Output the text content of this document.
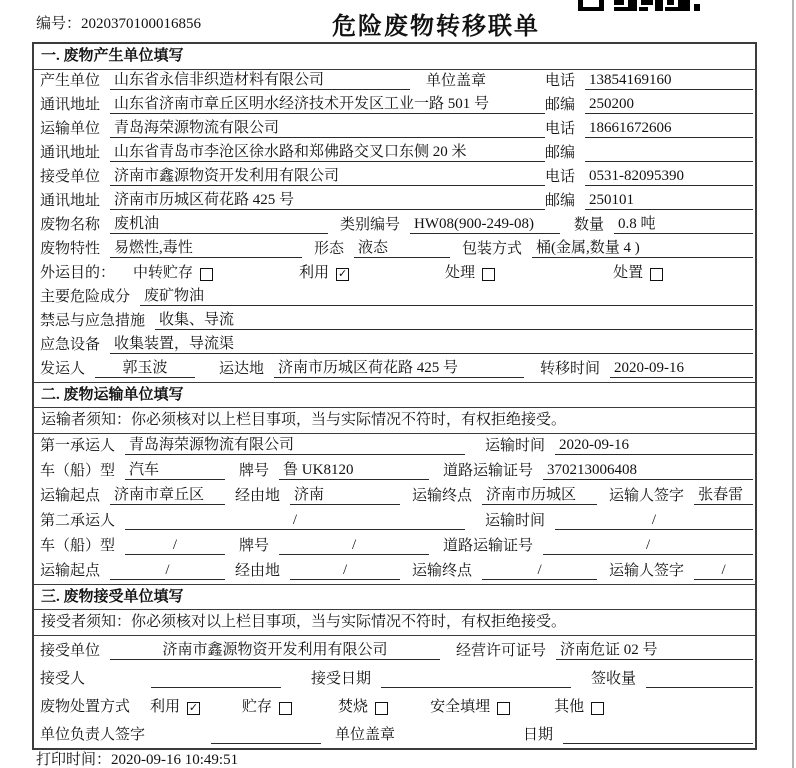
编号：2020370100016856	危险废物转移联单
一. 废物产生单位填写
产生单位 山东省永信非织造材料有限公司	单位盖章	电话 13854169160
通讯地址 山东省济南市章丘区明水经济技术开发区工业一路 501 号	邮编 250200
运输单位 青岛海荣源物流有限公司	电话 18661672606
通讯地址 山东省青岛市李沧区徐水路和郑佛路交叉口东侧 20 米	邮编
接受单位 济南市鑫源物资开发利用有限公司	电话 0531-82095390
通讯地址 济南市历城区荷花路 425 号	邮编 250101
废物名称 废机油	类别编号 HW08(900-249-08)	数量 0.8 吨
废物特性 易燃性,毒性	形态 液态	包装方式 桶(金属,数量 4 )
外运目的： 中转贮存	利用 ✓	处理	处置
主要危险成分 废矿物油
禁忌与应急措施 收集、导流
应急设备 收集装置，导流渠
发运人	郭玉波	运达地 济南市历城区荷花路 425 号	转移时间 2020-09-16
二. 废物运输单位填写
运输者须知：你必须核对以上栏目事项，当与实际情况不符时，有权拒绝接受。
第一承运人 青岛海荣源物流有限公司	运输时间 2020-09-16
车（船）型 汽车	牌号 鲁 UK8120	道路运输证号 370213006408
运输起点 济南市章丘区	经由地 济南	运输终点 济南市历城区	运输人签字 张春雷
第二承运人	/	运输时间	/
车（船）型	/	牌号	/	道路运输证号	/
运输起点	/	经由地	/	运输终点	/	运输人签字	/
三. 废物接受单位填写
接受者须知：你必须核对以上栏目事项，当与实际情况不符时，有权拒绝接受。
接受单位	济南市鑫源物资开发利用有限公司	经营许可证号 济南危证 02 号
接受人	接受日期	签收量
废物处置方式 利用 ✓	贮存	焚烧	安全填埋	其他
单位负责人签字	单位盖章	日期
打印时间：2020-09-16 10:49:51
